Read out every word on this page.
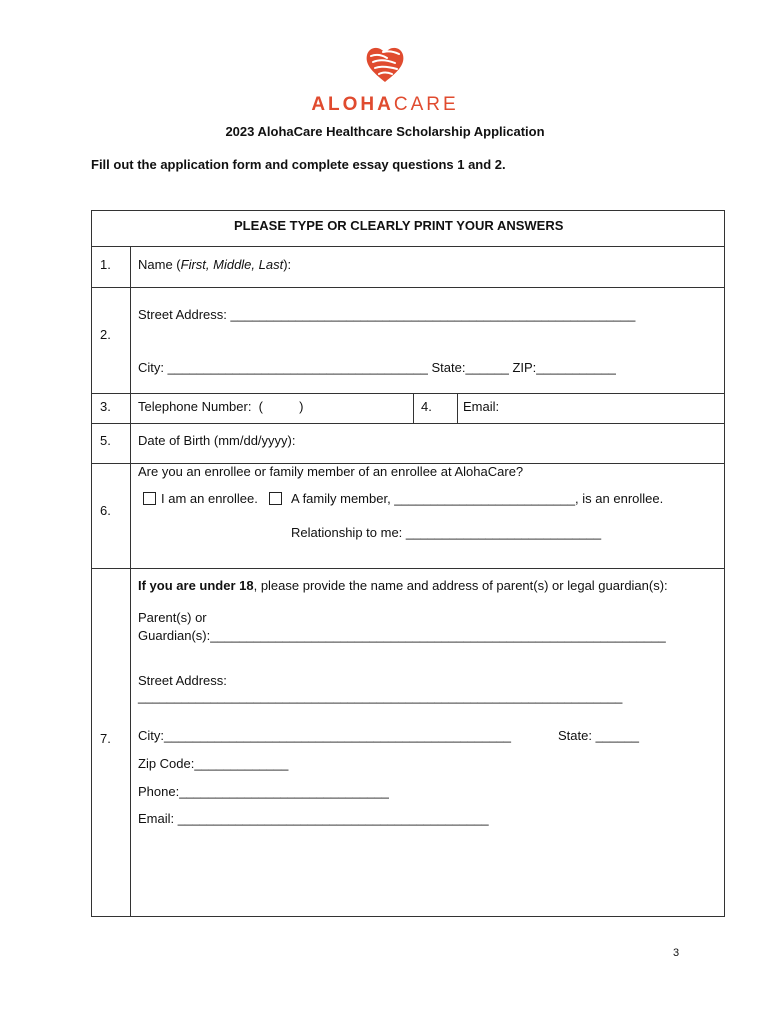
ALOHACARE
2023 AlohaCare Healthcare Scholarship Application
Fill out the application form and complete essay questions 1 and 2.
PLEASE TYPE OR CLEARLY PRINT YOUR ANSWERS
1. Name (First, Middle, Last):
2.
Street Address: ________________________________________________________
City: ____________________________________ State:______ ZIP:___________
3. Telephone Number:  (          )	4. Email:
5. Date of Birth (mm/dd/yyyy):
6.
Are you an enrollee or family member of an enrollee at AlohaCare?
I am an enrollee.	A family member, _________________________, is an enrollee.
Relationship to me: ___________________________
7.
If you are under 18, please provide the name and address of parent(s) or legal guardian(s):
Parent(s) or
Guardian(s):_______________________________________________________________
Street Address:
___________________________________________________________________
City:________________________________________________	State: ______
Zip Code:_____________
Phone:_____________________________
Email: ___________________________________________
3
